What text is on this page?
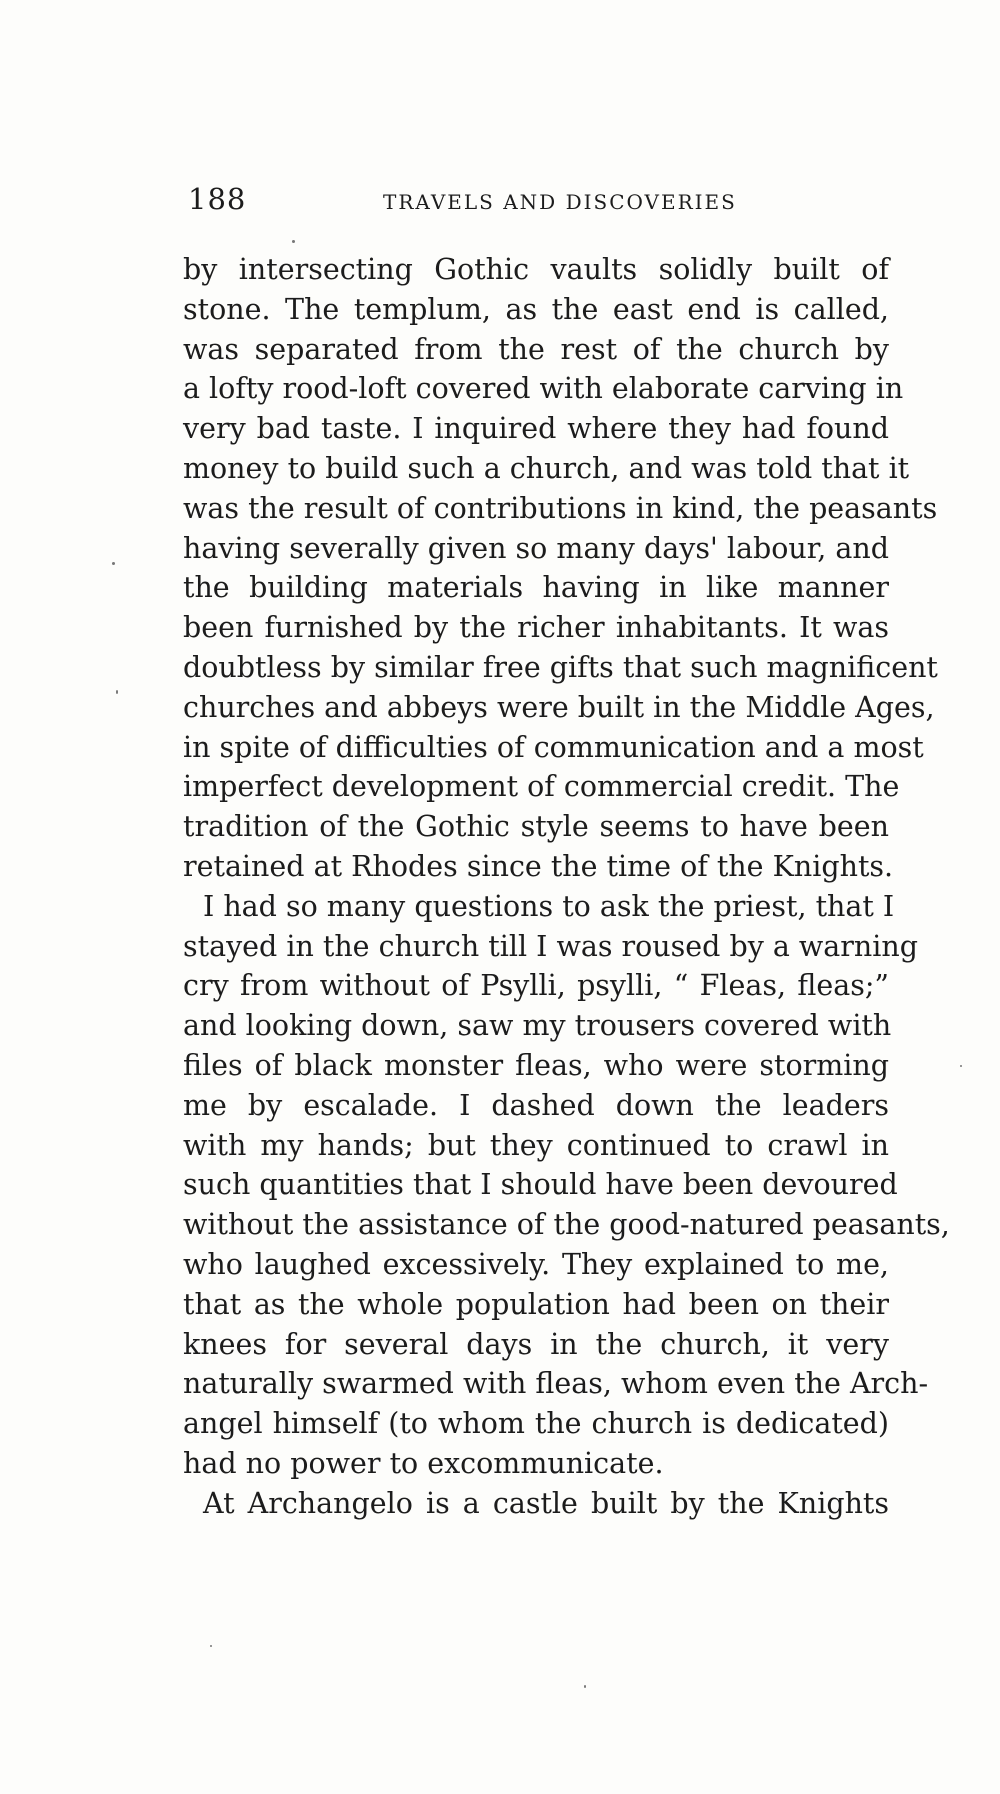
188	TRAVELS AND DISCOVERIES
by intersecting Gothic vaults solidly built of
stone. The templum, as the east end is called,
was separated from the rest of the church by
a lofty rood-loft covered with elaborate carving in
very bad taste. I inquired where they had found
money to build such a church, and was told that it
was the result of contributions in kind, the peasants
having severally given so many days' labour, and
the building materials having in like manner
been furnished by the richer inhabitants. It was
doubtless by similar free gifts that such magnificent
churches and abbeys were built in the Middle Ages,
in spite of difficulties of communication and a most
imperfect development of commercial credit. The
tradition of the Gothic style seems to have been
retained at Rhodes since the time of the Knights.
I had so many questions to ask the priest, that I
stayed in the church till I was roused by a warning
cry from without of Psylli, psylli, “ Fleas, fleas;”
and looking down, saw my trousers covered with
files of black monster fleas, who were storming
me by escalade. I dashed down the leaders
with my hands; but they continued to crawl in
such quantities that I should have been devoured
without the assistance of the good-natured peasants,
who laughed excessively. They explained to me,
that as the whole population had been on their
knees for several days in the church, it very
naturally swarmed with fleas, whom even the Arch-
angel himself (to whom the church is dedicated)
had no power to excommunicate.
At Archangelo is a castle built by the Knights
